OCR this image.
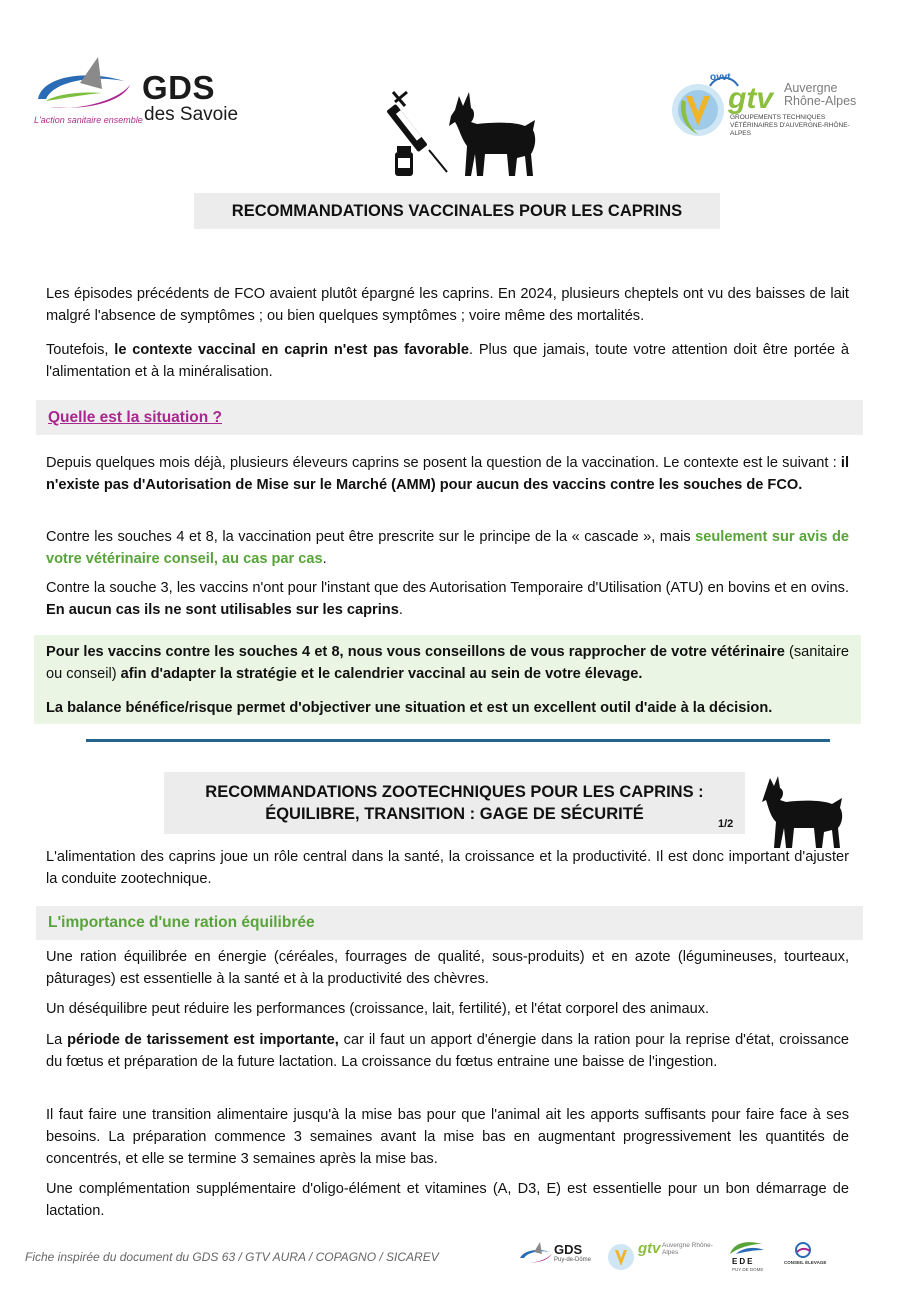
GDS
des Savoie
L'action sanitaire ensemble
ovvt
gtv Auvergne
Rhône-Alpes
GROUPEMENTS TECHNIQUES VÉTÉRINAIRES D'AUVERGNE-RHÔNE-ALPES
RECOMMANDATIONS VACCINALES POUR LES CAPRINS

Les épisodes précédents de FCO avaient plutôt épargné les caprins. En 2024, plusieurs cheptels ont vu des baisses de lait malgré l'absence de symptômes ; ou bien quelques symptômes ; voire même des mortalités.

Toutefois, le contexte vaccinal en caprin n'est pas favorable. Plus que jamais, toute votre attention doit être portée à l'alimentation et à la minéralisation.

Quelle est la situation ?

Depuis quelques mois déjà, plusieurs éleveurs caprins se posent la question de la vaccination. Le contexte est le suivant : il n'existe pas d'Autorisation de Mise sur le Marché (AMM) pour aucun des vaccins contre les souches de FCO.

Contre les souches 4 et 8, la vaccination peut être prescrite sur le principe de la « cascade », mais seulement sur avis de votre vétérinaire conseil, au cas par cas.

Contre la souche 3, les vaccins n'ont pour l'instant que des Autorisation Temporaire d'Utilisation (ATU) en bovins et en ovins. En aucun cas ils ne sont utilisables sur les caprins.

Pour les vaccins contre les souches 4 et 8, nous vous conseillons de vous rapprocher de votre vétérinaire (sanitaire ou conseil) afin d'adapter la stratégie et le calendrier vaccinal au sein de votre élevage.

La balance bénéfice/risque permet d'objectiver une situation et est un excellent outil d'aide à la décision.

RECOMMANDATIONS ZOOTECHNIQUES POUR LES CAPRINS :
ÉQUILIBRE, TRANSITION : GAGE DE SÉCURITÉ
1/2

L'alimentation des caprins joue un rôle central dans la santé, la croissance et la productivité. Il est donc important d'ajuster la conduite zootechnique.

L'importance d'une ration équilibrée

Une ration équilibrée en énergie (céréales, fourrages de qualité, sous-produits) et en azote (légumineuses, tourteaux, pâturages) est essentielle à la santé et à la productivité des chèvres.

Un déséquilibre peut réduire les performances (croissance, lait, fertilité), et l'état corporel des animaux.

La période de tarissement est importante, car il faut un apport d'énergie dans la ration pour la reprise d'état, croissance du fœtus et préparation de la future lactation. La croissance du fœtus entraine une baisse de l'ingestion.

Il faut faire une transition alimentaire jusqu'à la mise bas pour que l'animal ait les apports suffisants pour faire face à ses besoins. La préparation commence 3 semaines avant la mise bas en augmentant progressivement les quantités de concentrés, et elle se termine 3 semaines après la mise bas.

Une complémentation supplémentaire d'oligo-élément et vitamines (A, D3, E) est essentielle pour un bon démarrage de lactation.

Fiche inspirée du document du GDS 63 / GTV AURA / COPAGNO / SICAREV	GDS
Puy-de-Dôme
gtv Auvergne Rhône-Alpes
EDE
PUY DE DOME
CONSEIL ÉLEVAGE
